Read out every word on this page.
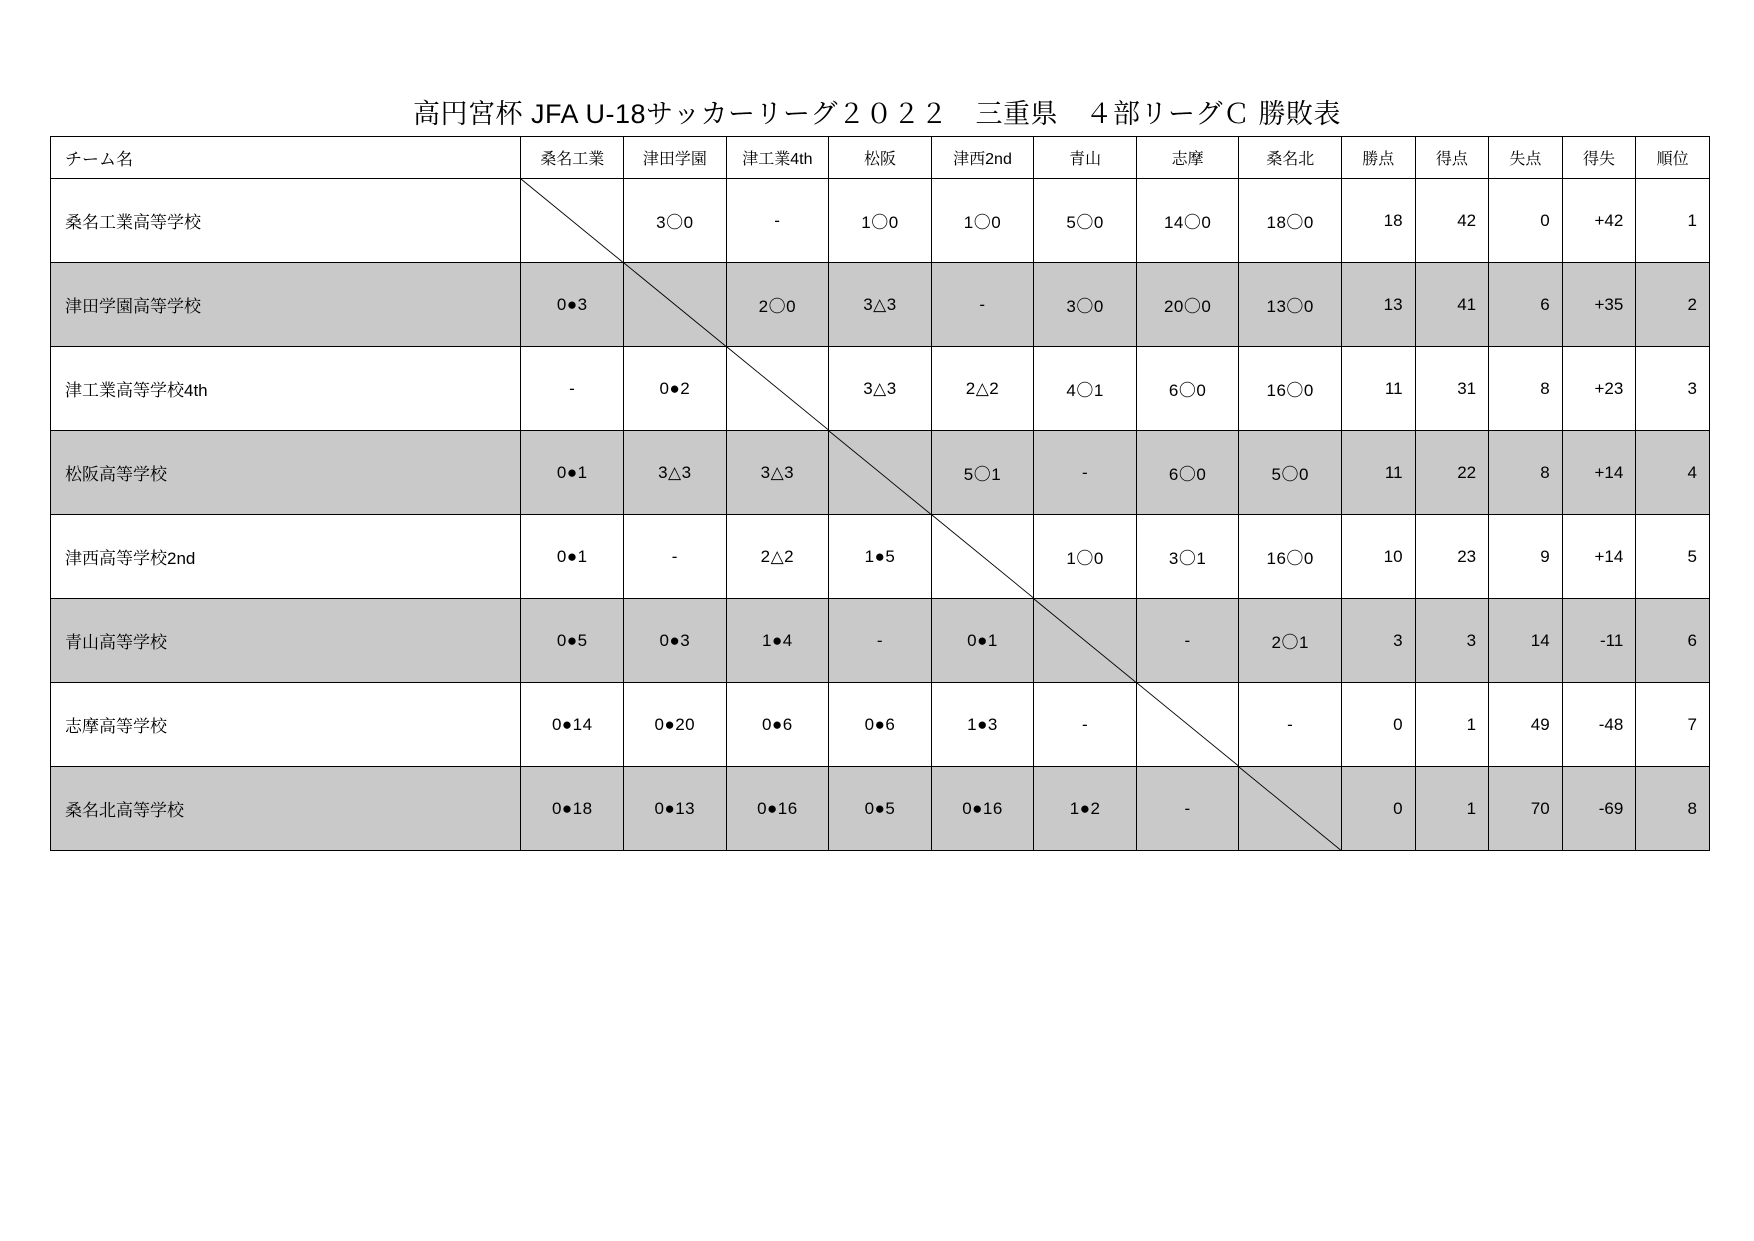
高円宮杯 JFA U-18サッカーリーグ２０２２　三重県　４部リーグＣ 勝敗表
チーム名	桑名工業	津田学園	津工業4th	松阪	津西2nd	青山	志摩	桑名北	勝点	得点	失点	得失	順位
桑名工業高等学校		3〇0	-	1〇0	1〇0	5〇0	14〇0	18〇0	18	42	0	+42	1
津田学園高等学校	0●3		2〇0	3△3	-	3〇0	20〇0	13〇0	13	41	6	+35	2
津工業高等学校4th	-	0●2		3△3	2△2	4〇1	6〇0	16〇0	11	31	8	+23	3
松阪高等学校	0●1	3△3	3△3		5〇1	-	6〇0	5〇0	11	22	8	+14	4
津西高等学校2nd	0●1	-	2△2	1●5		1〇0	3〇1	16〇0	10	23	9	+14	5
青山高等学校	0●5	0●3	1●4	-	0●1		-	2〇1	3	3	14	-11	6
志摩高等学校	0●14	0●20	0●6	0●6	1●3	-		-	0	1	49	-48	7
桑名北高等学校	0●18	0●13	0●16	0●5	0●16	1●2	-		0	1	70	-69	8
